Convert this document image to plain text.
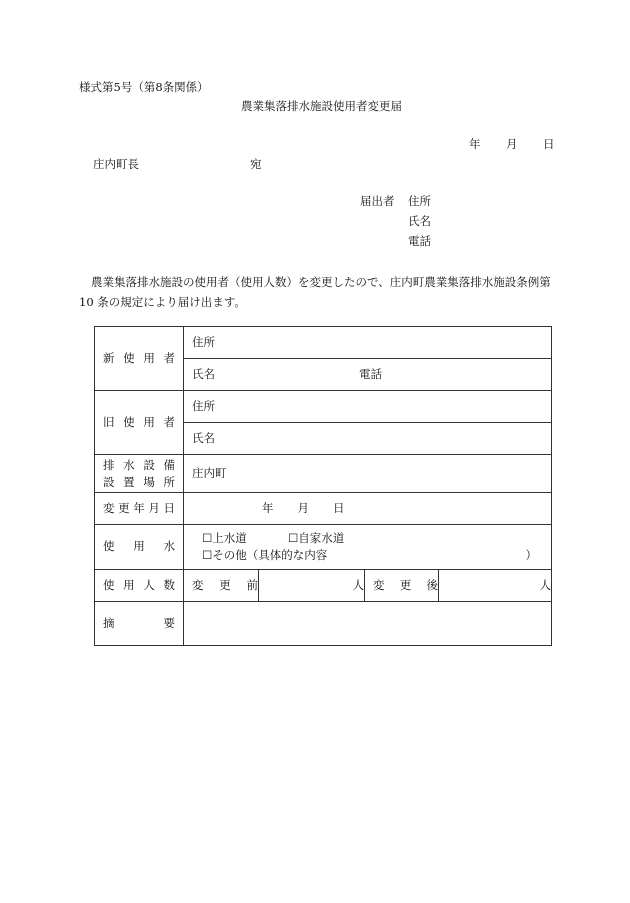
様式第5号（第8条関係）
農業集落排水施設使用者変更届
年 月 日
庄内町長	宛
届出者 住所
氏名
電話
農業集落排水施設の使用者（使用人数）を変更したので、庄内町農業集落排水施設条例第 10 条の規定により届け出ます。
新使用者	住所			
	氏名 電話			
旧使用者	住所			
	氏名			

排水設備
設置場所	庄内町			
変更年月日	年 月 日			
使用水	☐上水道 ☐自家水道
☐その他（具体的な内容 ）			

使用人数	変更前	人	変更後	人
摘要				
